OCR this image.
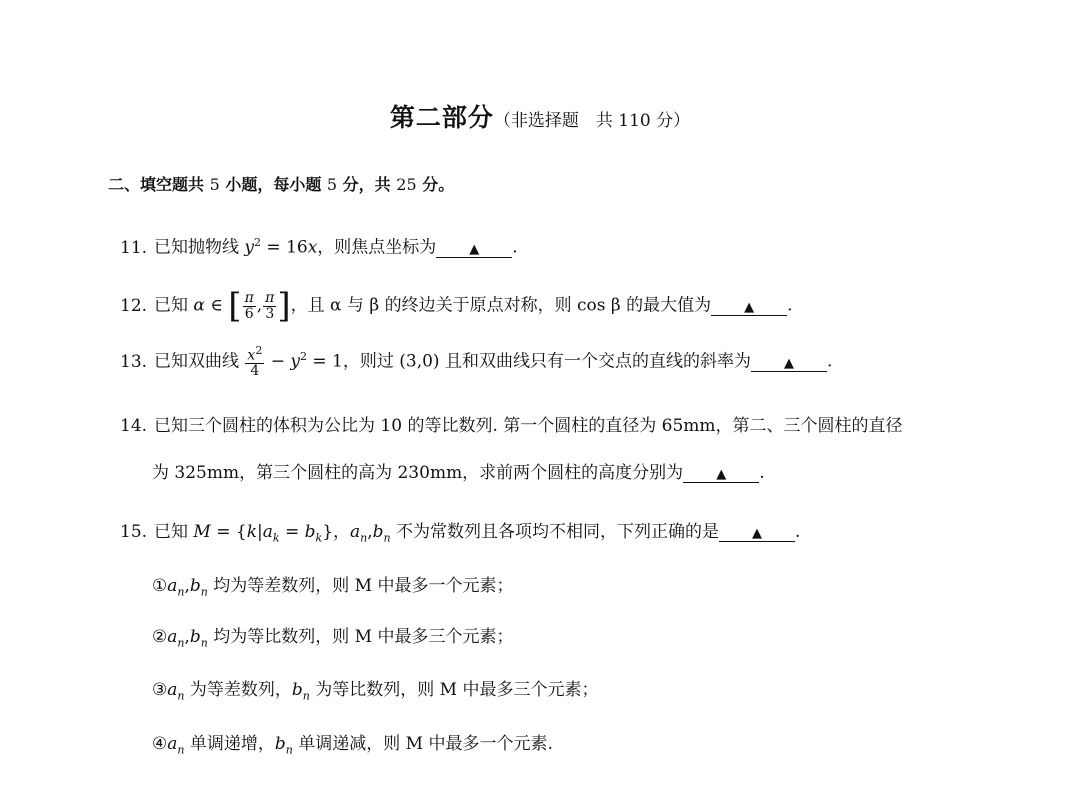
第二部分（非选择题　共 110 分）
二、填空题共 5 小题，每小题 5 分，共 25 分。
11. 已知抛物线 $y^2 = 16x$，则焦点坐标为	▲ .
12. 已知 α ∈ [ $\frac{\pi}{6}$ , $\frac{\pi}{3}$ ]，且 α 与 β 的终边关于原点对称，则 cos β 的最大值为	▲ .
13. 已知双曲线 $\frac{x^2}{4} - y^2 = 1$，则过 (3,0) 且和双曲线只有一个交点的直线的斜率为	▲ .
14. 已知三个圆柱的体积为公比为 10 的等比数列. 第一个圆柱的直径为 65mm，第二、三个圆柱的直径
为 325mm，第三个圆柱的高为 230mm，求前两个圆柱的高度分别为	▲ .
15. 已知 $M = \{k|a_k = b_k\}$，$a_n,b_n$ 不为常数列且各项均不相同，下列正确的是	▲ .
$①a_n,b_n$ 均为等差数列，则 M 中最多一个元素；
$②a_n,b_n$ 均为等比数列，则 M 中最多三个元素；
$③a_n$ 为等差数列，$b_n$ 为等比数列，则 M 中最多三个元素；
$④a_n$ 单调递增，$b_n$ 单调递减，则 M 中最多一个元素.
